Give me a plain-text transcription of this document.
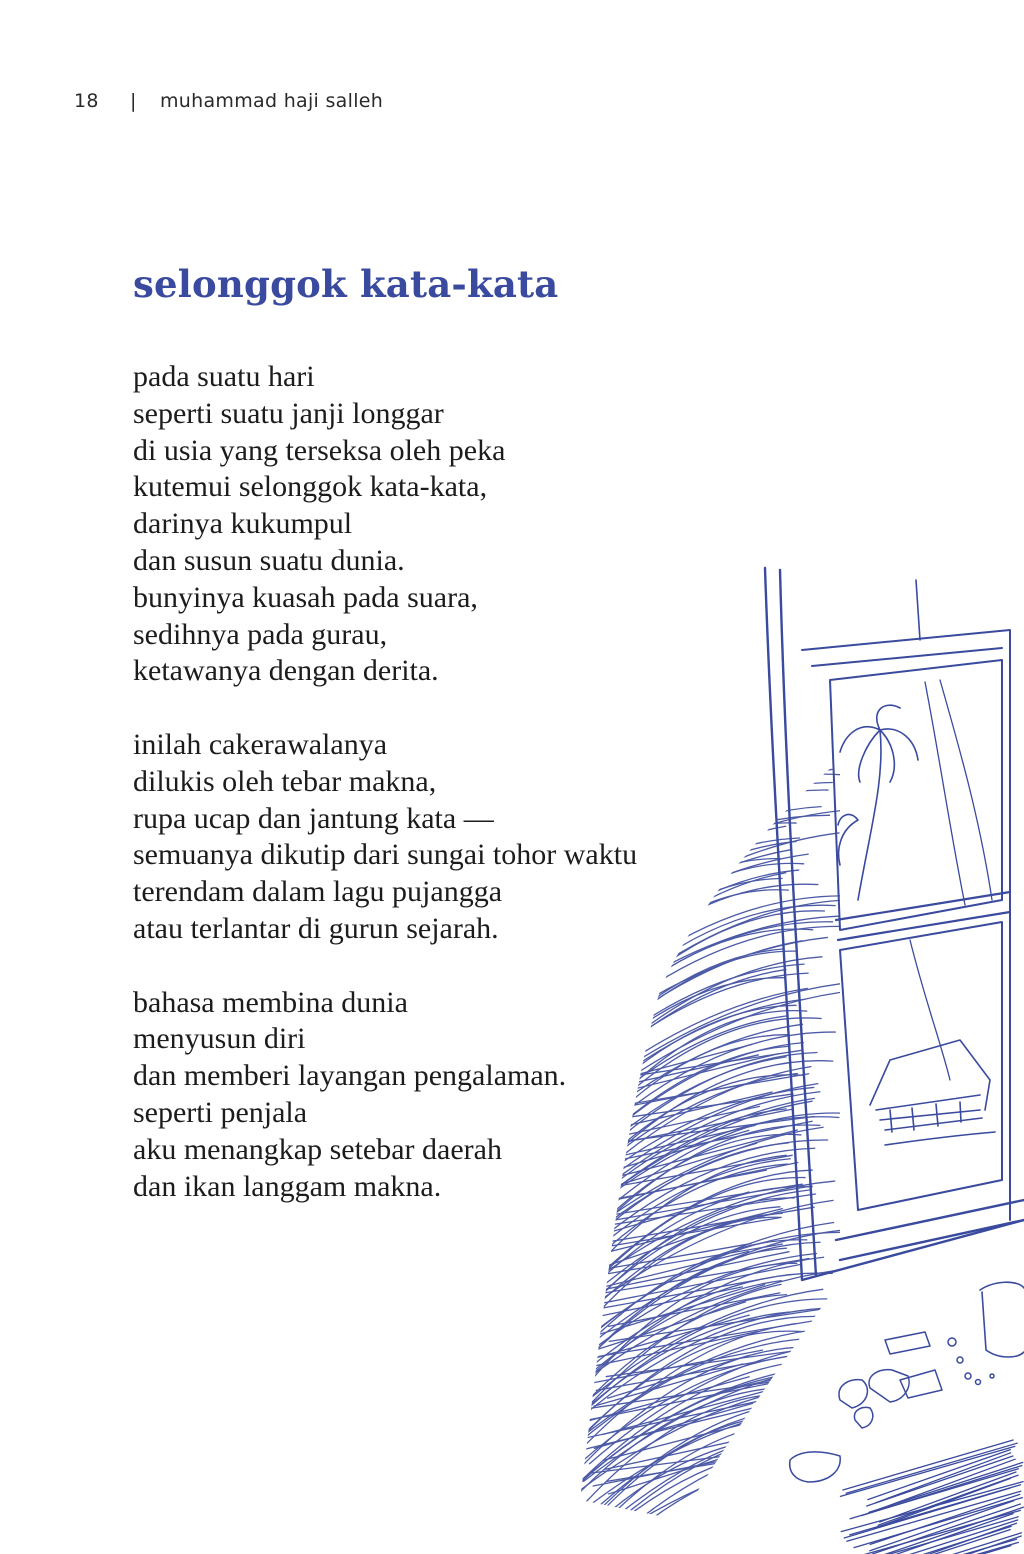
18	|	muhammad haji salleh
selonggok kata-kata

pada suatu hari
seperti suatu janji longgar
di usia yang terseksa oleh peka
kutemui selonggok kata-kata,
darinya kukumpul
dan susun suatu dunia.
bunyinya kuasah pada suara,
sedihnya pada gurau,
ketawanya dengan derita.

inilah cakerawalanya
dilukis oleh tebar makna,
rupa ucap dan jantung kata —
semuanya dikutip dari sungai tohor waktu
terendam dalam lagu pujangga
atau terlantar di gurun sejarah.

bahasa membina dunia
menyusun diri
dan memberi layangan pengalaman.
seperti penjala
aku menangkap setebar daerah
dan ikan langgam makna.
